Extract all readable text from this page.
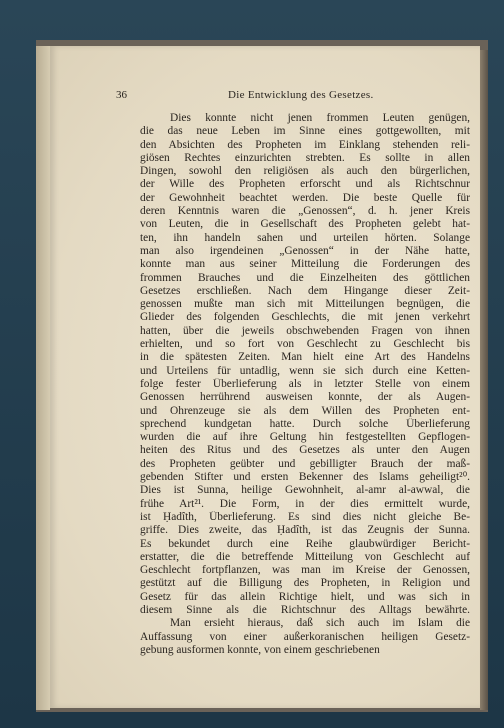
36	Die Entwicklung des Gesetzes.
Dies konnte nicht jenen frommen Leuten genügen,
die das neue Leben im Sinne eines gottgewollten, mit
den Absichten des Propheten im Einklang stehenden reli-
giösen Rechtes einzurichten strebten. Es sollte in allen
Dingen, sowohl den religiösen als auch den bürgerlichen,
der Wille des Propheten erforscht und als Richtschnur
der Gewohnheit beachtet werden. Die beste Quelle für
deren Kenntnis waren die „Genossen“, d. h. jener Kreis
von Leuten, die in Gesellschaft des Propheten gelebt hat-
ten, ihn handeln sahen und urteilen hörten. Solange
man also irgendeinen „Genossen“ in der Nähe hatte,
konnte man aus seiner Mitteilung die Forderungen des
frommen Brauches und die Einzelheiten des göttlichen
Gesetzes erschließen. Nach dem Hingange dieser Zeit-
genossen mußte man sich mit Mitteilungen begnügen, die
Glieder des folgenden Geschlechts, die mit jenen verkehrt
hatten, über die jeweils obschwebenden Fragen von ihnen
erhielten, und so fort von Geschlecht zu Geschlecht bis
in die spätesten Zeiten. Man hielt eine Art des Handelns
und Urteilens für untadlig, wenn sie sich durch eine Ketten-
folge fester Überlieferung als in letzter Stelle von einem
Genossen herrührend ausweisen konnte, der als Augen-
und Ohrenzeuge sie als dem Willen des Propheten ent-
sprechend kundgetan hatte. Durch solche Überlieferung
wurden die auf ihre Geltung hin festgestellten Gepflogen-
heiten des Ritus und des Gesetzes als unter den Augen
des Propheten geübter und gebilligter Brauch der maß-
gebenden Stifter und ersten Bekenner des Islams geheiligt²⁰.
Dies ist Sunna, heilige Gewohnheit, al-amr al-awwal, die
frühe Art²¹. Die Form, in der dies ermittelt wurde,
ist Ḥadîth, Überlieferung. Es sind dies nicht gleiche Be-
griffe. Dies zweite, das Ḥadîth, ist das Zeugnis der Sunna.
Es bekundet durch eine Reihe glaubwürdiger Bericht-
erstatter, die die betreffende Mitteilung von Geschlecht auf
Geschlecht fortpflanzen, was man im Kreise der Genossen,
gestützt auf die Billigung des Propheten, in Religion und
Gesetz für das allein Richtige hielt, und was sich in
diesem Sinne als die Richtschnur des Alltags bewährte.
Man ersieht hieraus, daß sich auch im Islam die
Auffassung von einer außerkoranischen heiligen Gesetz-
gebung ausformen konnte, von einem geschriebenen
